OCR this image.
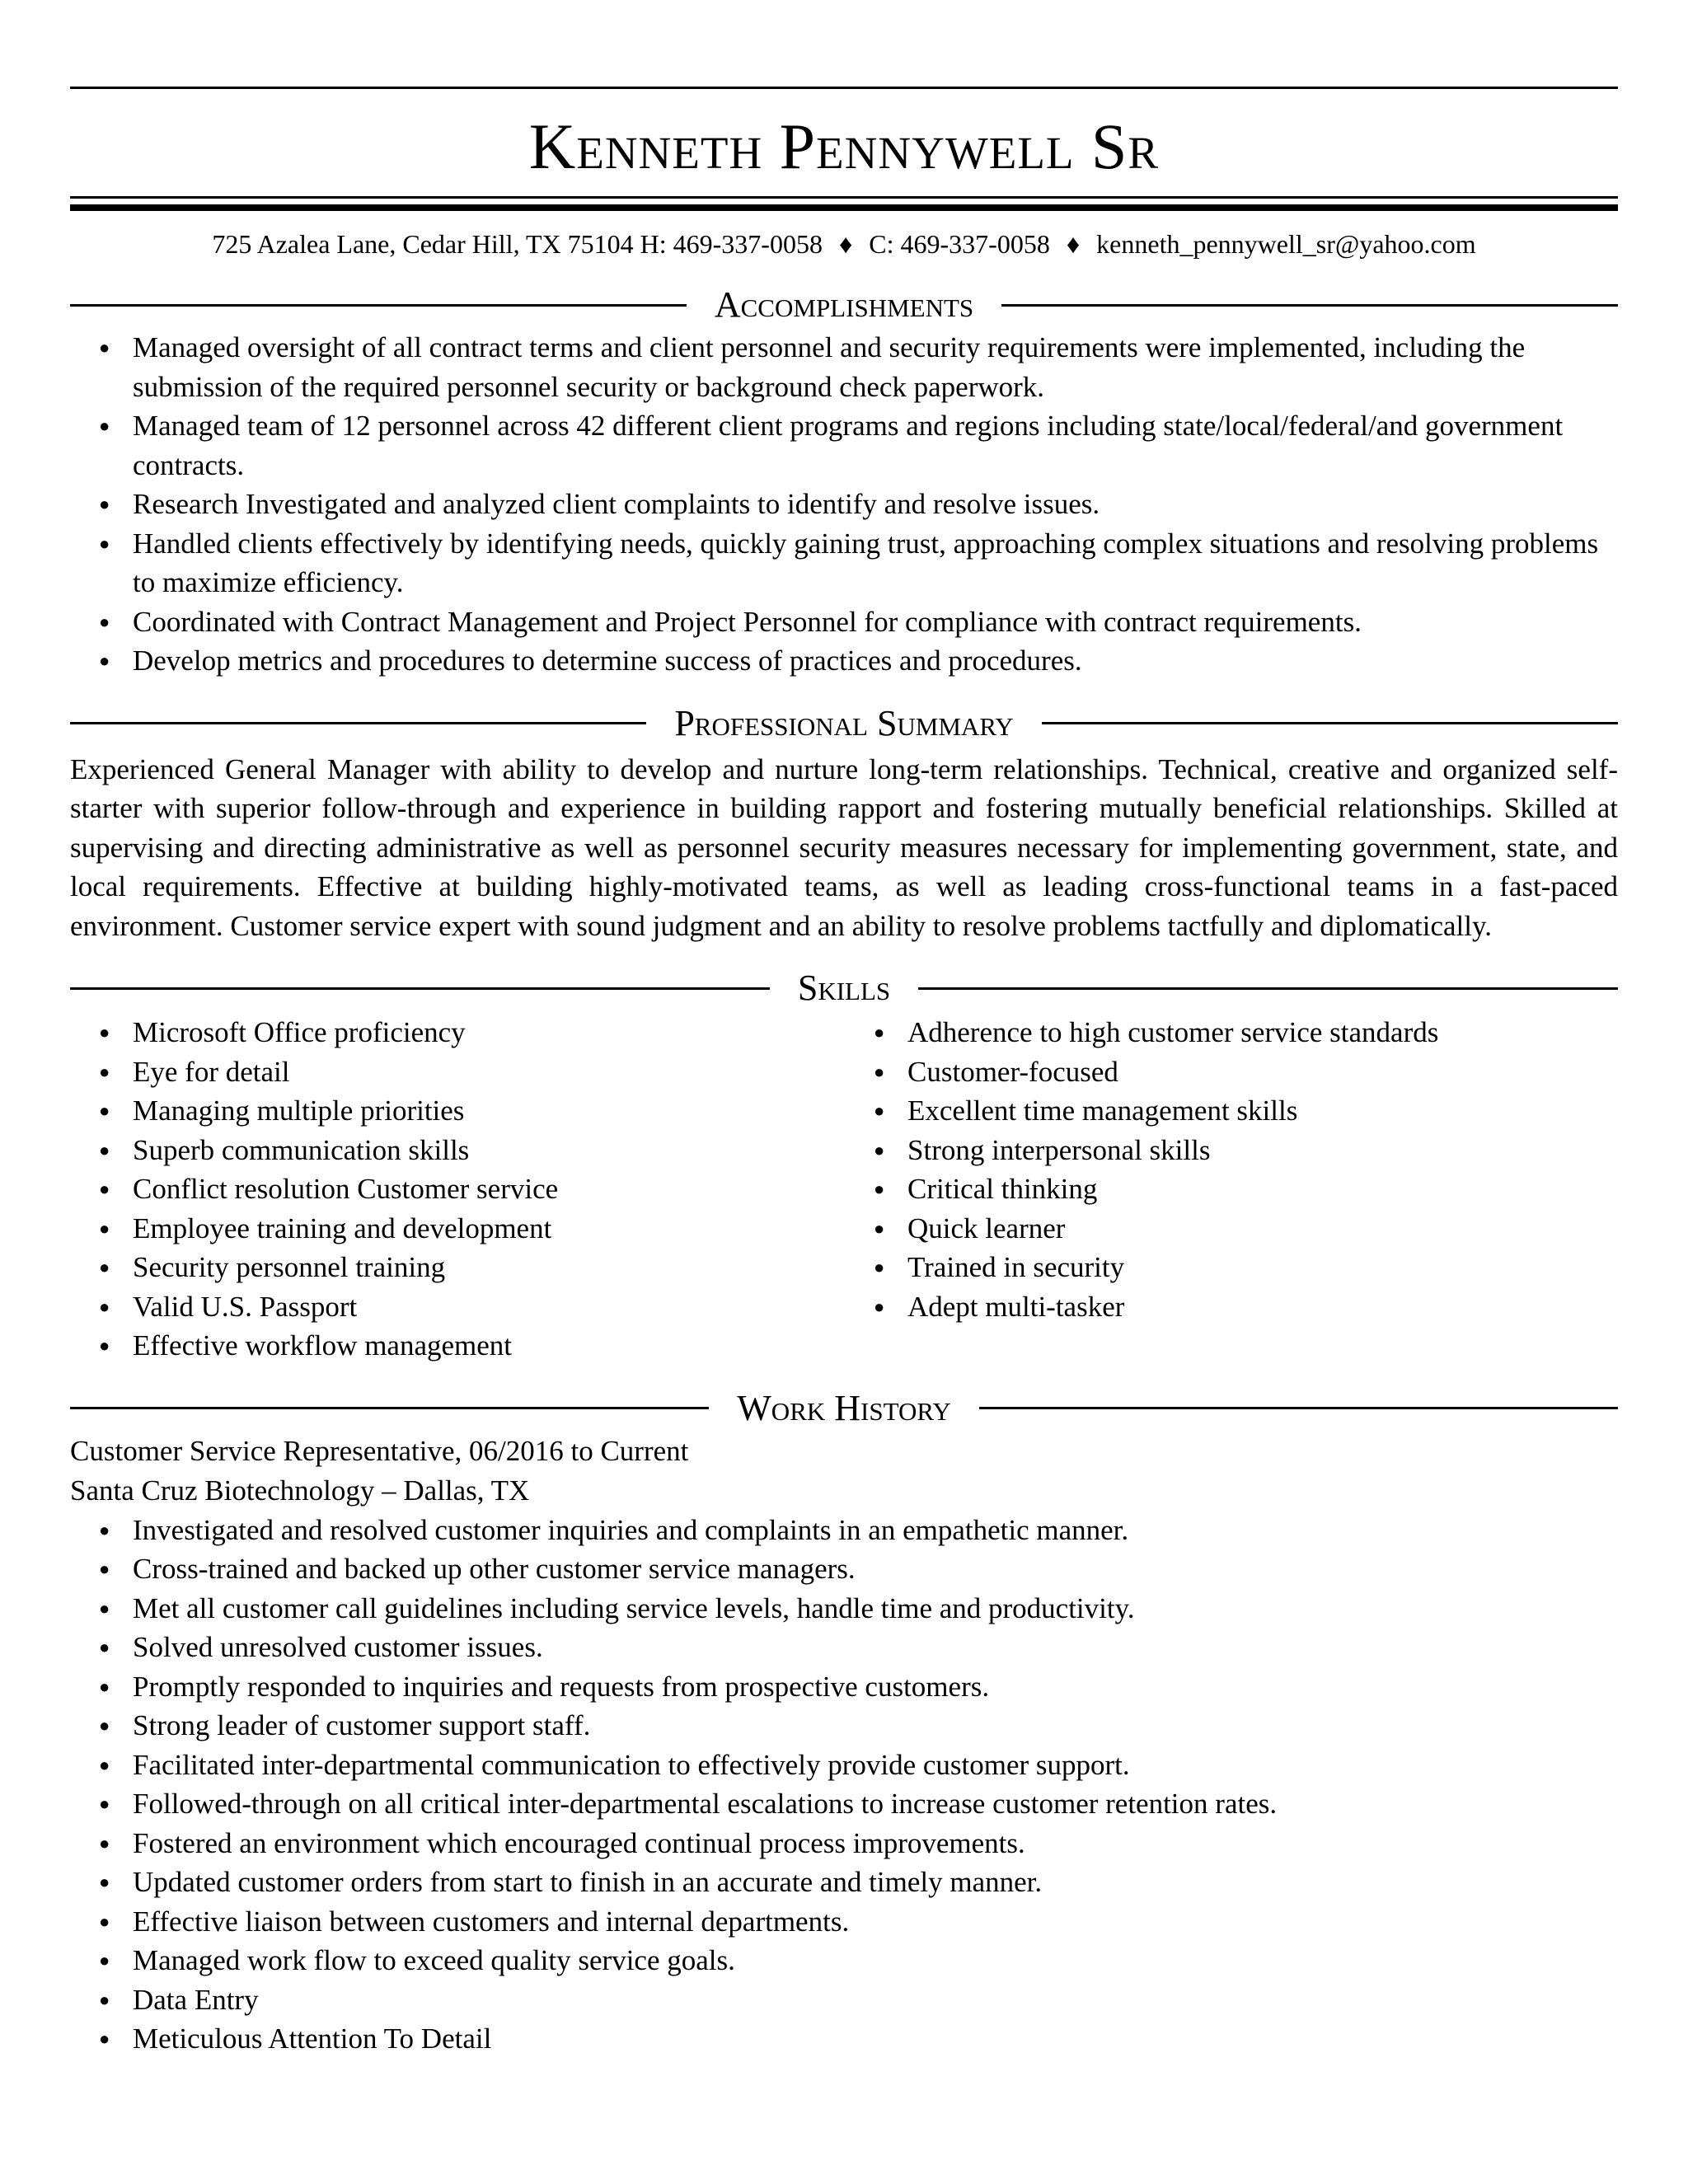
Kenneth Pennywell Sr
725 Azalea Lane, Cedar Hill, TX 75104 H: 469-337-0058 ♦ C: 469-337-0058 ♦ kenneth_pennywell_sr@yahoo.com
Accomplishments
● Managed oversight of all contract terms and client personnel and security requirements were implemented, including the submission of the required personnel security or background check paperwork.
● Managed team of 12 personnel across 42 different client programs and regions including state/local/federal/and government contracts.
● Research Investigated and analyzed client complaints to identify and resolve issues.
● Handled clients effectively by identifying needs, quickly gaining trust, approaching complex situations and resolving problems to maximize efficiency.
● Coordinated with Contract Management and Project Personnel for compliance with contract requirements.
● Develop metrics and procedures to determine success of practices and procedures.
Professional Summary
Experienced General Manager with ability to develop and nurture long-term relationships. Technical, creative and organized self-starter with superior follow-through and experience in building rapport and fostering mutually beneficial relationships. Skilled at supervising and directing administrative as well as personnel security measures necessary for implementing government, state, and local requirements. Effective at building highly-motivated teams, as well as leading cross-functional teams in a fast-paced environment. Customer service expert with sound judgment and an ability to resolve problems tactfully and diplomatically.
Skills
● Microsoft Office proficiency
● Eye for detail
● Managing multiple priorities
● Superb communication skills
● Conflict resolution Customer service
● Employee training and development
● Security personnel training
● Valid U.S. Passport
● Effective workflow management
● Adherence to high customer service standards
● Customer-focused
● Excellent time management skills
● Strong interpersonal skills
● Critical thinking
● Quick learner
● Trained in security
● Adept multi-tasker
Work History
Customer Service Representative, 06/2016 to Current
Santa Cruz Biotechnology – Dallas, TX
● Investigated and resolved customer inquiries and complaints in an empathetic manner.
● Cross-trained and backed up other customer service managers.
● Met all customer call guidelines including service levels, handle time and productivity.
● Solved unresolved customer issues.
● Promptly responded to inquiries and requests from prospective customers.
● Strong leader of customer support staff.
● Facilitated inter-departmental communication to effectively provide customer support.
● Followed-through on all critical inter-departmental escalations to increase customer retention rates.
● Fostered an environment which encouraged continual process improvements.
● Updated customer orders from start to finish in an accurate and timely manner.
● Effective liaison between customers and internal departments.
● Managed work flow to exceed quality service goals.
● Data Entry
● Meticulous Attention To Detail
